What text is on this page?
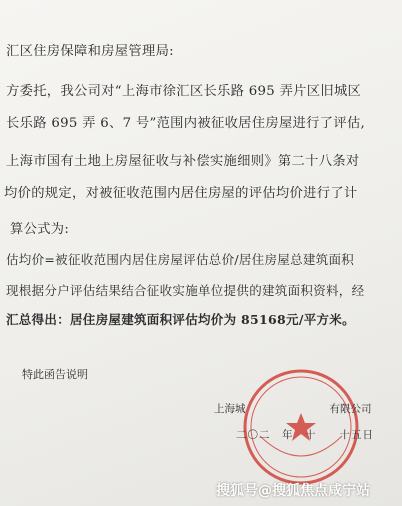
汇区住房保障和房屋管理局:
方委托，我公司对“上海市徐汇区长乐路 695 弄片区旧城区
长乐路 695 弄 6、7 号”范围内被征收居住房屋进行了评估,
上海市国有土地上房屋征收与补偿实施细则》第二十八条对
均价的规定，对被征收范围内居住房屋的评估均价进行了计
算公式为:
估均价=被征收范围内居住房屋评估总价/居住房屋总建筑面积
现根据分户评估结果结合征收实施单位提供的建筑面积资料，经
汇总得出：居住房屋建筑面积评估均价为 85168元/平方米。
特此函告说明
上海城　　　　　　　　有限公司
二〇二　年　十　　十五日
搜狐号@搜狐焦点咸宁站
